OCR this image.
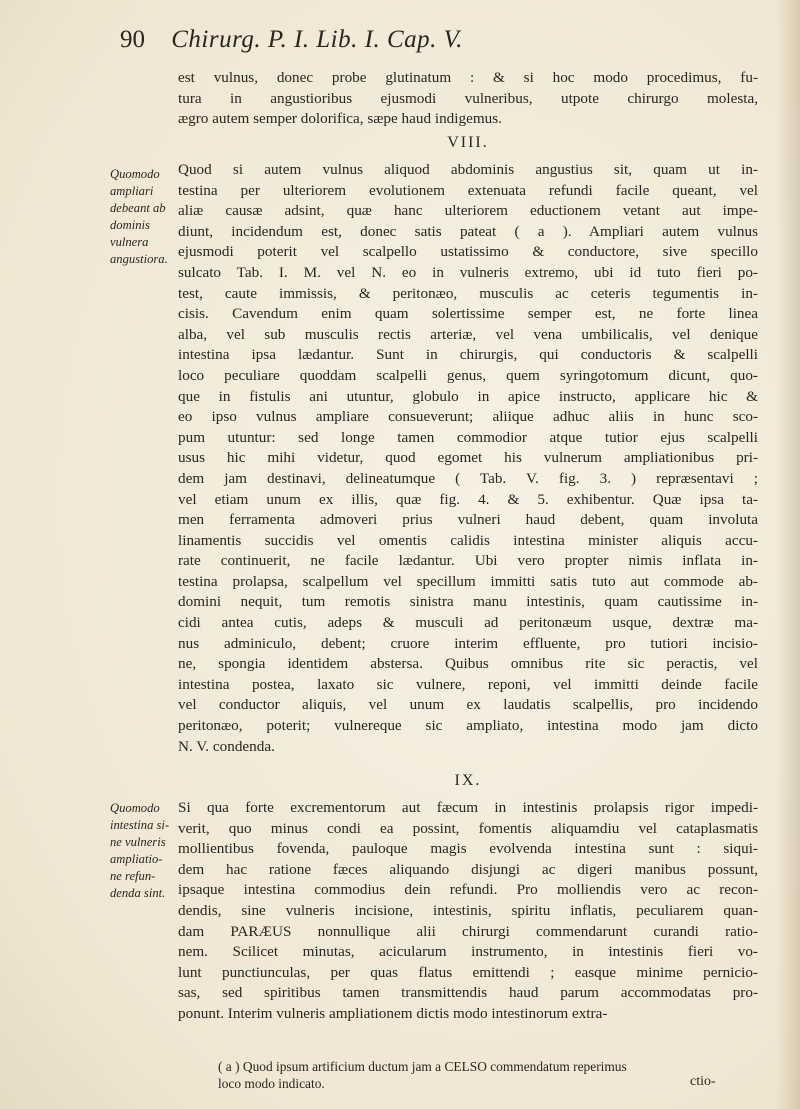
90 Chirurg. P. I. Lib. I. Cap. V.
est vulnus, donec probe glutinatum : & si hoc modo procedimus, fu-
tura in angustioribus ejusmodi vulneribus, utpote chirurgo molesta,
ægro autem semper dolorifica, sæpe haud indigemus.
VIII.
Quomodo
ampliari
debeant ab
dominis
vulnera
angustiora.
Quod si autem vulnus aliquod abdominis angustius sit, quam ut in-
testina per ulteriorem evolutionem extenuata refundi facile queant, vel
aliæ causæ adsint, quæ hanc ulteriorem eductionem vetant aut impe-
diunt, incidendum est, donec satis pateat ( a ). Ampliari autem vulnus
ejusmodi poterit vel scalpello ustatissimo & conductore, sive specillo
sulcato Tab. I. M. vel N. eo in vulneris extremo, ubi id tuto fieri po-
test, caute immissis, & peritonæo, musculis ac ceteris tegumentis in-
cisis. Cavendum enim quam solertissime semper est, ne forte linea
alba, vel sub musculis rectis arteriæ, vel vena umbilicalis, vel denique
intestina ipsa lædantur. Sunt in chirurgis, qui conductoris & scalpelli
loco peculiare quoddam scalpelli genus, quem syringotomum dicunt, quo-
que in fistulis ani utuntur, globulo in apice instructo, applicare hic &
eo ipso vulnus ampliare consueverunt; aliique adhuc aliis in hunc sco-
pum utuntur: sed longe tamen commodior atque tutior ejus scalpelli
usus hic mihi videtur, quod egomet his vulnerum ampliationibus pri-
dem jam destinavi, delineatumque ( Tab. V. fig. 3. ) repræsentavi ;
vel etiam unum ex illis, quæ fig. 4. & 5. exhibentur. Quæ ipsa ta-
men ferramenta admoveri prius vulneri haud debent, quam involuta
linamentis succidis vel omentis calidis intestina minister aliquis accu-
rate continuerit, ne facile lædantur. Ubi vero propter nimis inflata in-
testina prolapsa, scalpellum vel specillum immitti satis tuto aut commode ab-
domini nequit, tum remotis sinistra manu intestinis, quam cautissime in-
cidi antea cutis, adeps & musculi ad peritonæum usque, dextræ ma-
nus adminiculo, debent; cruore interim effluente, pro tutiori incisio-
ne, spongia identidem abstersa. Quibus omnibus rite sic peractis, vel
intestina postea, laxato sic vulnere, reponi, vel immitti deinde facile
vel conductor aliquis, vel unum ex laudatis scalpellis, pro incidendo
peritonæo, poterit; vulnereque sic ampliato, intestina modo jam dicto
N. V. condenda.
IX.
Quomodo
intestina si-
ne vulneris
ampliatio-
ne refun-
denda sint.
Si qua forte excrementorum aut fæcum in intestinis prolapsis rigor impedi-
verit, quo minus condi ea possint, fomentis aliquamdiu vel cataplasmatis
mollientibus fovenda, pauloque magis evolvenda intestina sunt : siqui-
dem hac ratione fæces aliquando disjungi ac digeri manibus possunt,
ipsaque intestina commodius dein refundi. Pro molliendis vero ac recon-
dendis, sine vulneris incisione, intestinis, spiritu inflatis, peculiarem quan-
dam PARÆUS nonnullique alii chirurgi commendarunt curandi ratio-
nem. Scilicet minutas, acicularum instrumento, in intestinis fieri vo-
lunt punctiunculas, per quas flatus emittendi ; easque minime pernicio-
sas, sed spiritibus tamen transmittendis haud parum accommodatas pro-
ponunt. Interim vulneris ampliationem dictis modo intestinorum extra-
ctio-
( a ) Quod ipsum artificium ductum jam a CELSO commendatum reperimus
loco modo indicato.
